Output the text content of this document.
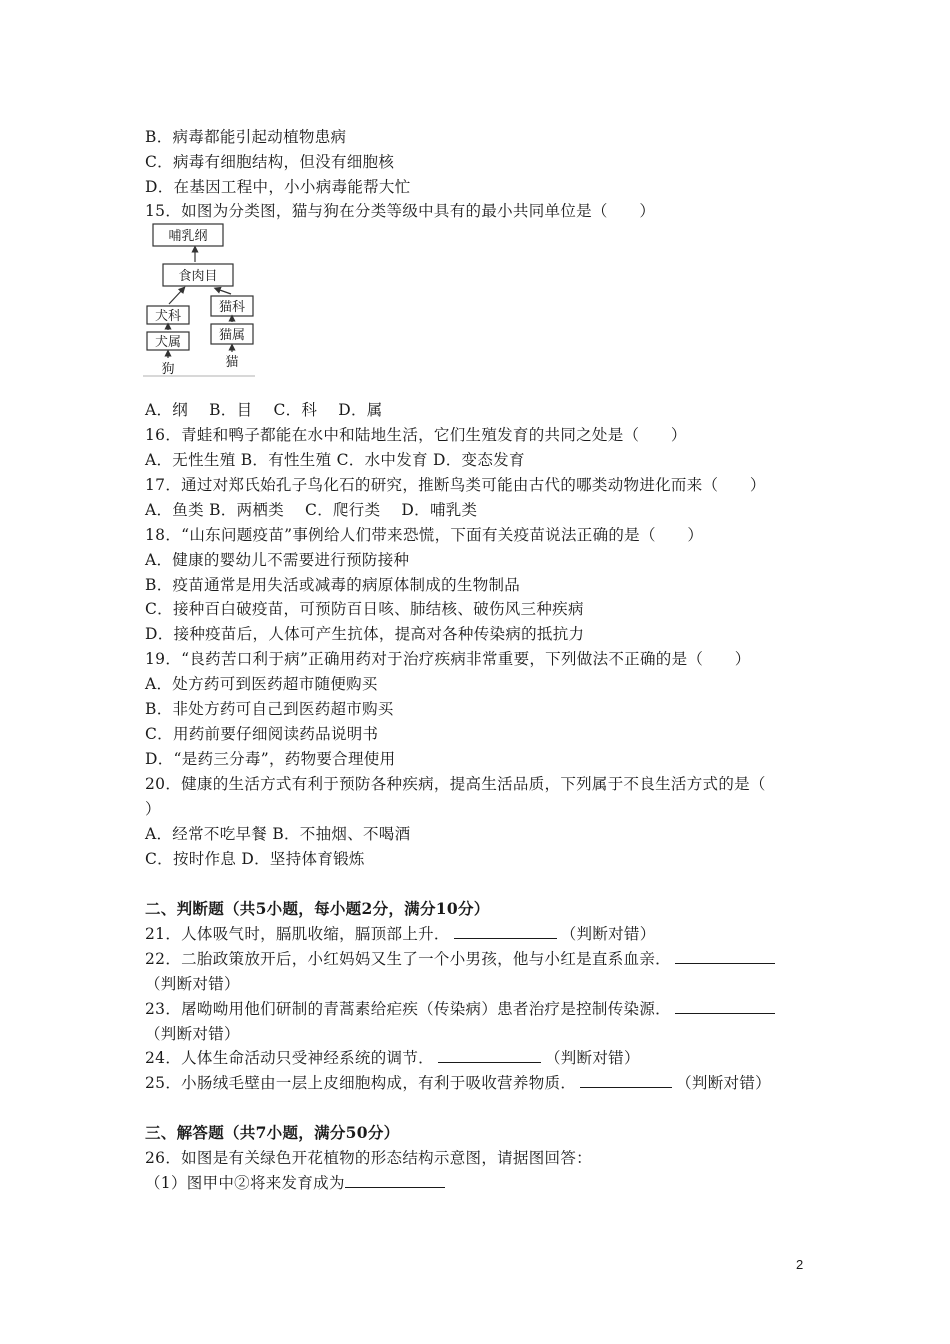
B．病毒都能引起动植物患病
C．病毒有细胞结构，但没有细胞核
D．在基因工程中，小小病毒能帮大忙
15．如图为分类图，猫与狗在分类等级中具有的最小共同单位是（　　）
哺乳纲
食肉目
犬科
猫科
犬属	猫属
狗	猫
A．纲　 B．目　 C．科　 D．属
16．青蛙和鸭子都能在水中和陆地生活，它们生殖发育的共同之处是（　　）
A．无性生殖 B．有性生殖 C．水中发育 D．变态发育
17．通过对郑氏始孔子鸟化石的研究，推断鸟类可能由古代的哪类动物进化而来（　　）
A．鱼类 B．两栖类　 C．爬行类　 D．哺乳类
18．“山东问题疫苗”事例给人们带来恐慌，下面有关疫苗说法正确的是（　　）
A．健康的婴幼儿不需要进行预防接种
B．疫苗通常是用失活或减毒的病原体制成的生物制品
C．接种百白破疫苗，可预防百日咳、肺结核、破伤风三种疾病
D．接种疫苗后，人体可产生抗体，提高对各种传染病的抵抗力
19．“良药苦口利于病”正确用药对于治疗疾病非常重要，下列做法不正确的是（　　）
A．处方药可到医药超市随便购买
B．非处方药可自己到医药超市购买
C．用药前要仔细阅读药品说明书
D．“是药三分毒”，药物要合理使用
20．健康的生活方式有利于预防各种疾病，提高生活品质，下列属于不良生活方式的是（
）
A．经常不吃早餐 B．不抽烟、不喝酒
C．按时作息 D．坚持体育锻炼
二、判断题（共5小题，每小题2分，满分10分）
21．人体吸气时，膈肌收缩，膈顶部上升．	（判断对错）
22．二胎政策放开后，小红妈妈又生了一个小男孩，他与小红是直系血亲．
（判断对错）
23．屠呦呦用他们研制的青蒿素给疟疾（传染病）患者治疗是控制传染源．
（判断对错）
24．人体生命活动只受神经系统的调节．	（判断对错）
25．小肠绒毛壁由一层上皮细胞构成，有利于吸收营养物质．	（判断对错）
三、解答题（共7小题，满分50分）
26．如图是有关绿色开花植物的形态结构示意图，请据图回答：
（1）图甲中②将来发育成为
2
